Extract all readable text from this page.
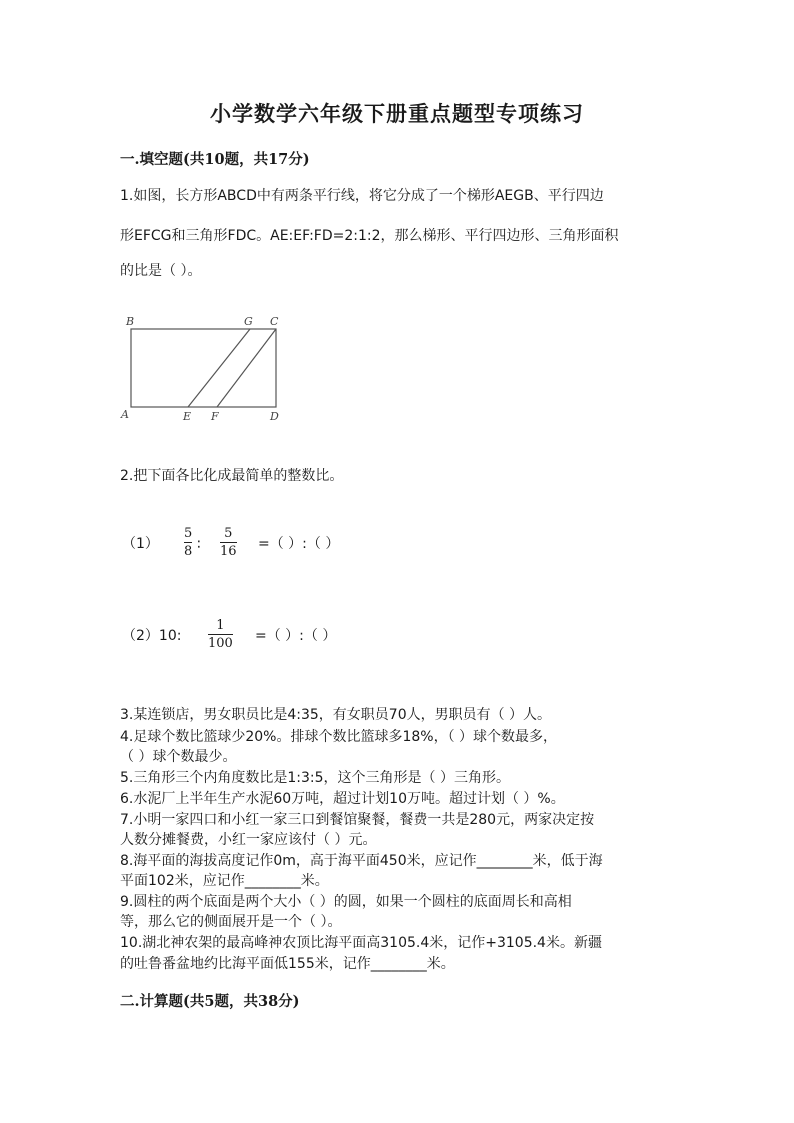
小学数学六年级下册重点题型专项练习
一.填空题(共10题，共17分)
1.如图，长方形ABCD中有两条平行线，将它分成了一个梯形AEGB、平行四边
形EFCG和三角形FDC。AE:EF:FD=2:1:2，那么梯形、平行四边形、三角形面积
的比是（ ）。
B	G C
A	E F	D
2.把下面各比化成最简单的整数比。
（1）
5
8 ∶
5
16 =（ ）:（ ）
（2）10:
1
100 =（ ）:（ ）
3.某连锁店，男女职员比是4:35，有女职员70人，男职员有（ ）人。
4.足球个数比篮球少20%。排球个数比篮球多18%，（ ）球个数最多，
（ ）球个数最少。
5.三角形三个内角度数比是1:3:5，这个三角形是（ ）三角形。
6.水泥厂上半年生产水泥60万吨，超过计划10万吨。超过计划（ ）%。
7.小明一家四口和小红一家三口到餐馆聚餐，餐费一共是280元，两家决定按
人数分摊餐费，小红一家应该付（ ）元。
8.海平面的海拔高度记作0m，高于海平面450米，应记作________米，低于海
平面102米，应记作________米。
9.圆柱的两个底面是两个大小（ ）的圆，如果一个圆柱的底面周长和高相
等，那么它的侧面展开是一个（ ）。
10.湖北神农架的最高峰神农顶比海平面高3105.4米，记作+3105.4米。新疆
的吐鲁番盆地约比海平面低155米，记作________米。
二.计算题(共5题，共38分)
